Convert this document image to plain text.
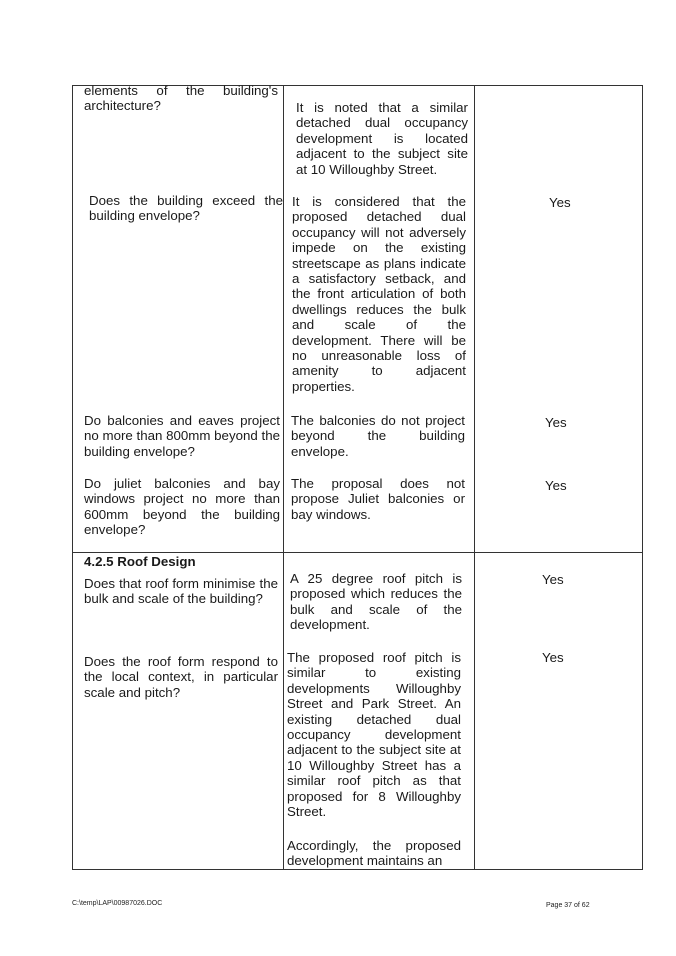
elements of the building's architecture?	It is noted that a similar detached dual occupancy development is located adjacent to the subject site at 10 Willoughby Street.
Does the building exceed the building envelope?
It is considered that the proposed detached dual occupancy will not adversely impede on the existing streetscape as plans indicate a satisfactory setback, and the front articulation of both dwellings reduces the bulk and scale of the development. There will be no unreasonable loss of amenity to adjacent properties.
Yes
Do balconies and eaves project no more than 800mm beyond the building envelope?
The balconies do not project beyond the building envelope.
Yes
Do juliet balconies and bay windows project no more than 600mm beyond the building envelope?
The proposal does not propose Juliet balconies or bay windows.
Yes
4.2.5 Roof Design
Does that roof form minimise the bulk and scale of the building?
A 25 degree roof pitch is proposed which reduces the bulk and scale of the development.
Yes
Does the roof form respond to the local context, in particular scale and pitch?
The proposed roof pitch is similar to existing developments Willoughby Street and Park Street. An existing detached dual occupancy development adjacent to the subject site at 10 Willoughby Street has a similar roof pitch as that proposed for 8 Willoughby Street.
Accordingly, the proposed development maintains an
Yes
C:\temp\LAP\00987026.DOC	Page 37 of 62
